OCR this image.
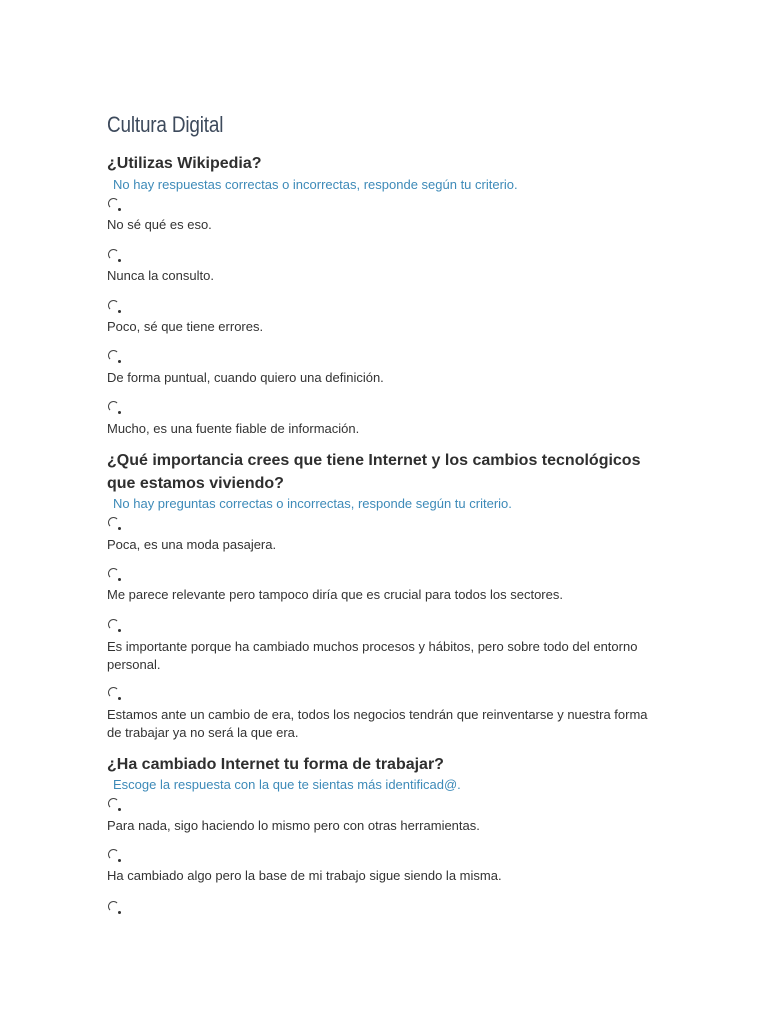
Cultura Digital
¿Utilizas Wikipedia?
No hay respuestas correctas o incorrectas, responde según tu criterio.
No sé qué es eso.
Nunca la consulto.
Poco, sé que tiene errores.
De forma puntual, cuando quiero una definición.
Mucho, es una fuente fiable de información.
¿Qué importancia crees que tiene Internet y los cambios tecnológicos que estamos viviendo?
No hay preguntas correctas o incorrectas, responde según tu criterio.
Poca, es una moda pasajera.
Me parece relevante pero tampoco diría que es crucial para todos los sectores.
Es importante porque ha cambiado muchos procesos y hábitos, pero sobre todo del entorno personal.
Estamos ante un cambio de era, todos los negocios tendrán que reinventarse y nuestra forma de trabajar ya no será la que era.
¿Ha cambiado Internet tu forma de trabajar?
Escoge la respuesta con la que te sientas más identificad@.
Para nada, sigo haciendo lo mismo pero con otras herramientas.
Ha cambiado algo pero la base de mi trabajo sigue siendo la misma.
